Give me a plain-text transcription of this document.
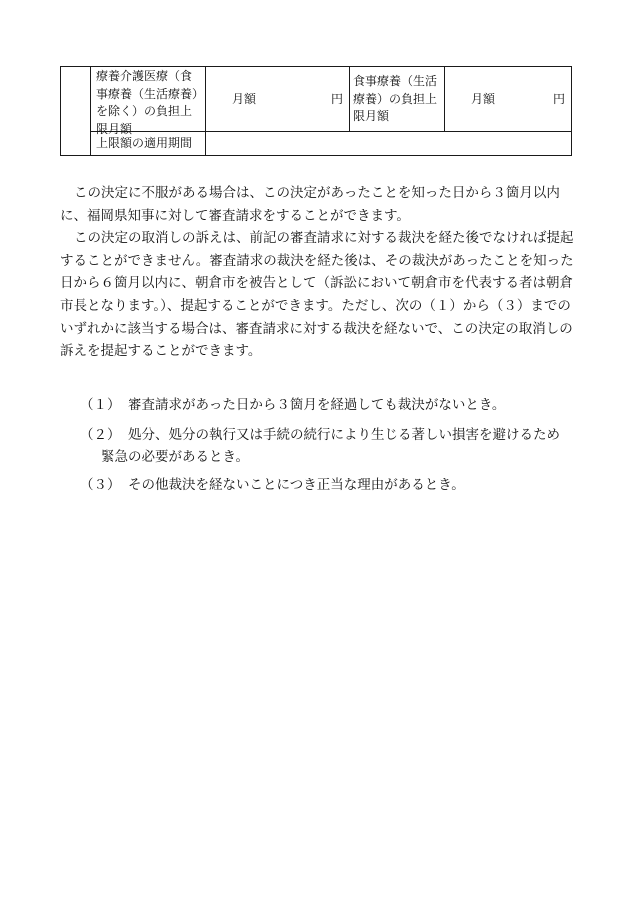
療養介護医療（食事療養（生活療養）を除く）の負担上限月額
月額	円
食事療養（生活療養）の負担上限月額
月額	円
上限額の適用期間

この決定に不服がある場合は、この決定があったことを知った日から３箇月以内に、福岡県知事に対して審査請求をすることができます。

この決定の取消しの訴えは、前記の審査請求に対する裁決を経た後でなければ提起することができません。審査請求の裁決を経た後は、その裁決があったことを知った日から６箇月以内に、朝倉市を被告として（訴訟において朝倉市を代表する者は朝倉市長となります。）、提起することができます。ただし、次の（１）から（３）までのいずれかに該当する場合は、審査請求に対する裁決を経ないで、この決定の取消しの訴えを提起することができます。

（１） 審査請求があった日から３箇月を経過しても裁決がないとき。
（２） 処分、処分の執行又は手続の続行により生じる著しい損害を避けるため
緊急の必要があるとき。
（３） その他裁決を経ないことにつき正当な理由があるとき。
